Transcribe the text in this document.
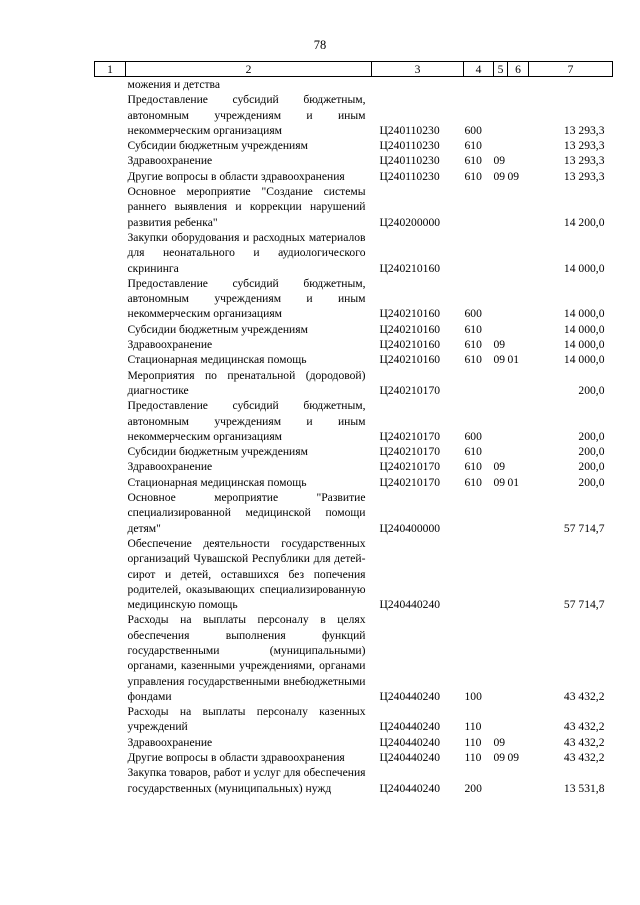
78
1	2	3	4	5	6	7
	можения и детства					
	Предоставление субсидий бюджетным, автономным учреждениям и иным некоммерческим организациям	Ц240110230	600			13 293,3
	Субсидии бюджетным учреждениям	Ц240110230	610			13 293,3
	Здравоохранение	Ц240110230	610	09		13 293,3
	Другие вопросы в области здравоохранения	Ц240110230	610	09	09	13 293,3
	Основное мероприятие "Создание системы раннего выявления и коррекции нарушений развития ребенка"	Ц240200000				14 200,0
	Закупки оборудования и расходных материалов для неонатального и аудиологического скрининга	Ц240210160				14 000,0
	Предоставление субсидий бюджетным, автономным учреждениям и иным некоммерческим организациям	Ц240210160	600			14 000,0
	Субсидии бюджетным учреждениям	Ц240210160	610			14 000,0
	Здравоохранение	Ц240210160	610	09		14 000,0
	Стационарная медицинская помощь	Ц240210160	610	09	01	14 000,0
	Мероприятия по пренатальной (дородовой) диагностике	Ц240210170				200,0
	Предоставление субсидий бюджетным, автономным учреждениям и иным некоммерческим организациям	Ц240210170	600			200,0
	Субсидии бюджетным учреждениям	Ц240210170	610			200,0
	Здравоохранение	Ц240210170	610	09		200,0
	Стационарная медицинская помощь	Ц240210170	610	09	01	200,0
	Основное мероприятие "Развитие специализированной медицинской помощи детям"	Ц240400000				57 714,7
	Обеспечение деятельности государственных организаций Чувашской Республики для детей-сирот и детей, оставшихся без попечения родителей, оказывающих специализированную медицинскую помощь	Ц240440240				57 714,7
	Расходы на выплаты персоналу в целях обеспечения выполнения функций государственными (муниципальными) органами, казенными учреждениями, органами управления государственными внебюджетными фондами	Ц240440240	100			43 432,2
	Расходы на выплаты персоналу казенных учреждений	Ц240440240	110			43 432,2
	Здравоохранение	Ц240440240	110	09		43 432,2
	Другие вопросы в области здравоохранения	Ц240440240	110	09	09	43 432,2
	Закупка товаров, работ и услуг для обеспечения государственных (муниципальных) нужд	Ц240440240	200			13 531,8
